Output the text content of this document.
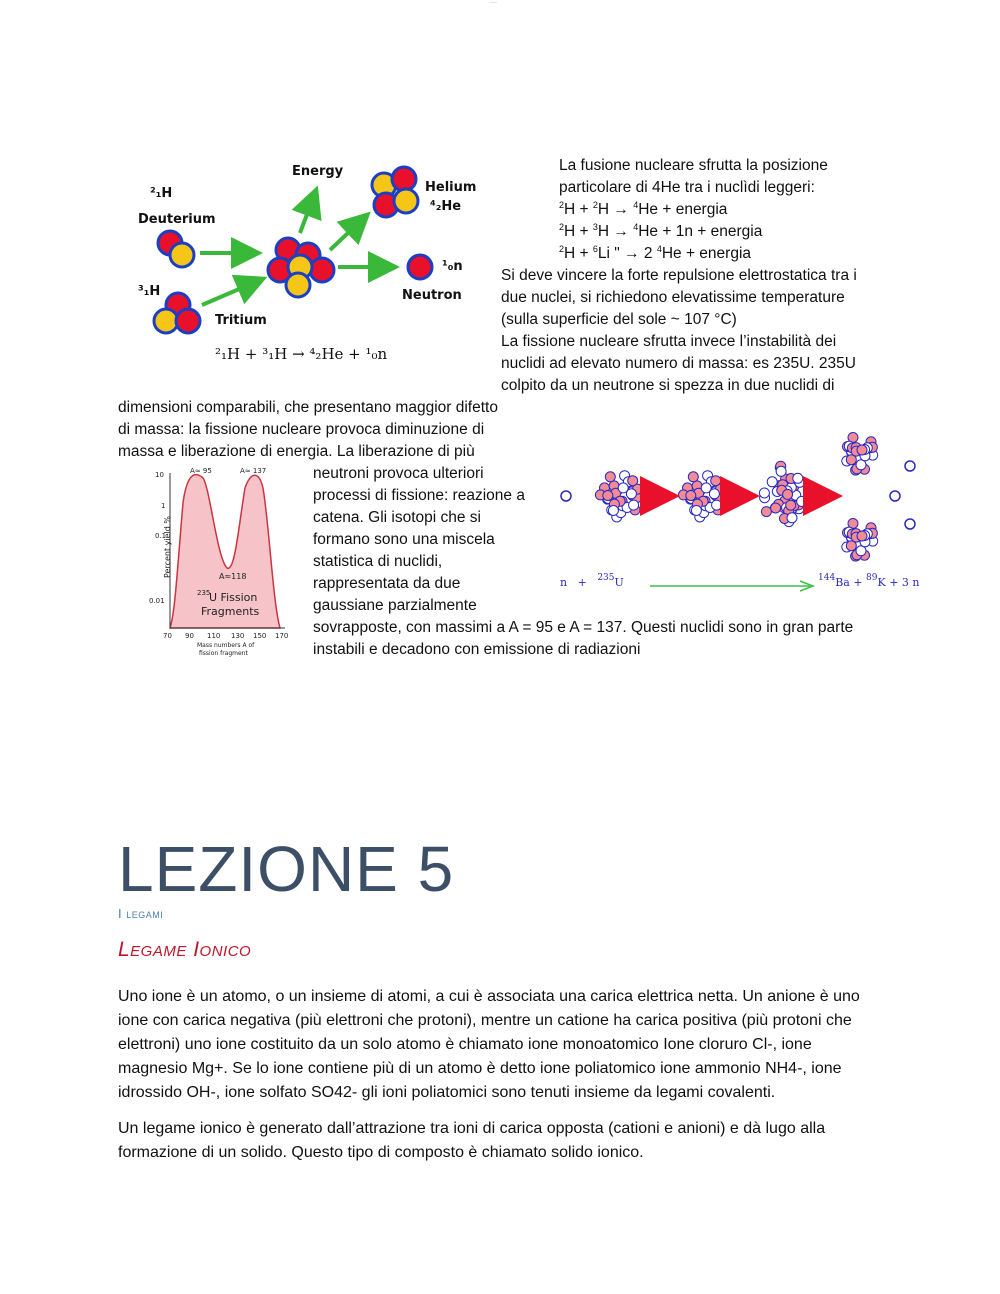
~~~
²₁H
Deuterium
³₁H
Tritium
Energy
Helium
⁴₂He
¹₀n
Neutron
²₁H + ³₁H → ⁴₂He + ¹₀n
La fusione nucleare sfrutta la posizione
particolare di 4He tra i nuclìdi leggeri:
$^2$H + $^2$H → $^4$He + energia
$^2$H + $^3$H → $^4$He + 1n + energia
$^2$H + $^6$Li " → 2 $^4$He + energia
Si deve vincere la forte repulsione elettrostatica tra i
due nuclei, si richiedono elevatissime temperature
(sulla superficie del sole ~ 107 °C)
La fissione nucleare sfrutta invece l’instabilità dei
nuclidi ad elevato numero di massa: es 235U. 235U
colpito da un neutrone si spezza in due nuclidi di
dimensioni comparabili, che presentano maggior difetto
di massa: la fissione nucleare provoca diminuzione di
massa e liberazione di energia. La liberazione di più
neutroni provoca ulteriori
processi di fissione: reazione a
catena. Gli isotopi che si
formano sono una miscela
statistica di nuclidi,
rappresentata da due
gaussiane parzialmente
sovrapposte, con massimi a A = 95 e A = 137. Questi nuclidi sono in gran parte
instabili e decadono con emissione di radiazioni
Percent yield %
10
1
0.1
0.01
70 90 110 130 150 170
A≈ 95	A≈ 137
A≈118
235
U Fission
Fragments
Mass numbers A of
fission fragment
n + $^{235}$U	$^{144}$Ba + $^{89}$K + 3 n
LEZIONE 5
I legami
Legame Ionico
Uno ione è un atomo, o un insieme di atomi, a cui è associata una carica elettrica netta. Un anione è uno ione con carica negativa (più elettroni che protoni), mentre un catione ha carica positiva (più protoni che elettroni) uno ione costituito da un solo atomo è chiamato ione monoatomico Ione cloruro Cl-, ione magnesio Mg+. Se lo ione contiene più di un atomo è detto ione poliatomico ione ammonio NH4-, ione idrossido OH-, ione solfato SO42- gli ioni poliatomici sono tenuti insieme da legami covalenti.
Un legame ionico è generato dall’attrazione tra ioni di carica opposta (cationi e anioni) e dà lugo alla formazione di un solido. Questo tipo di composto è chiamato solido ionico.
